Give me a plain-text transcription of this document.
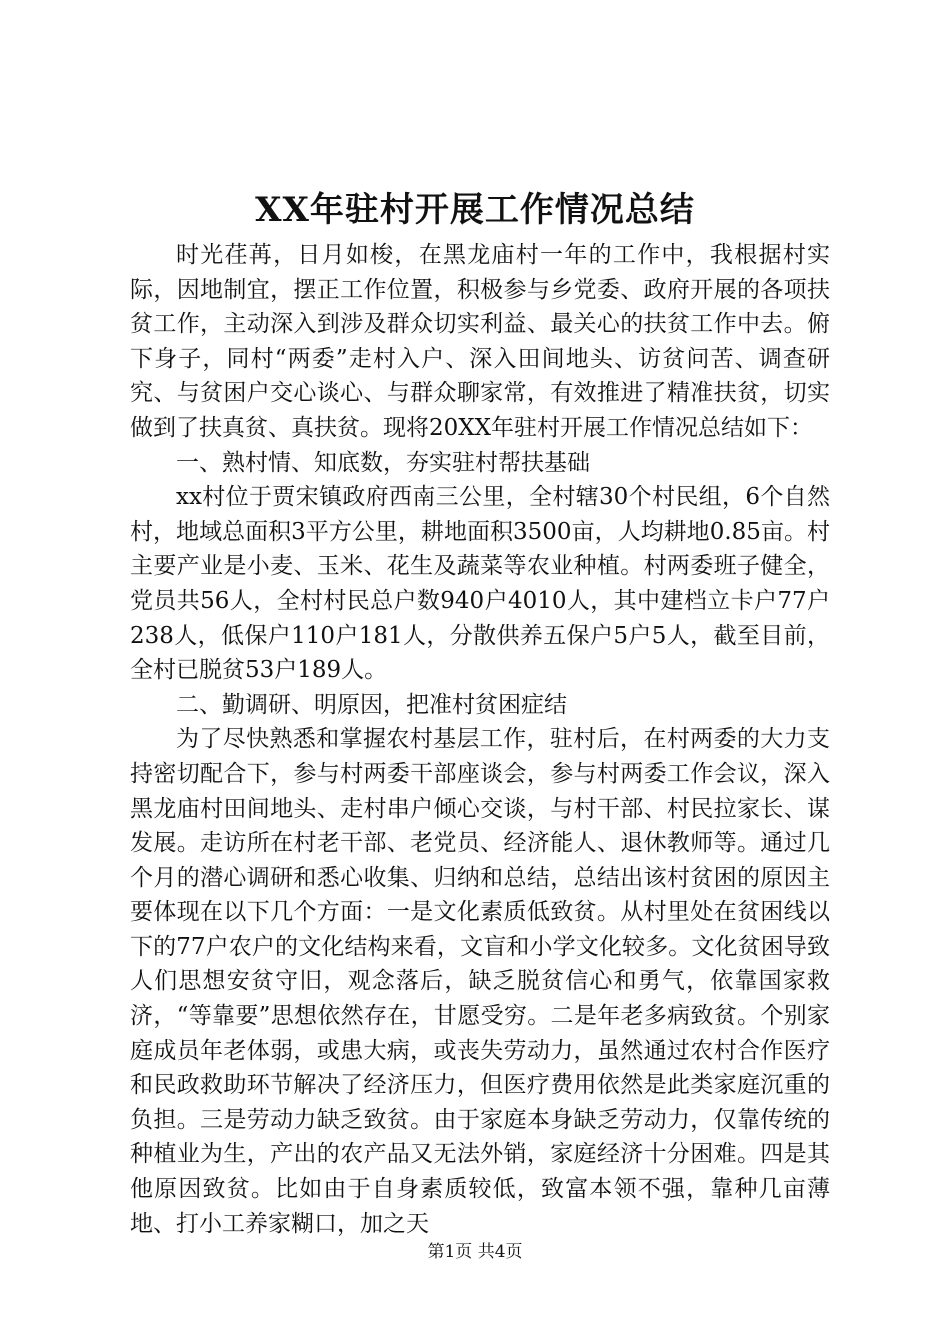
XX年驻村开展工作情况总结

时光荏苒，日月如梭，在黑龙庙村一年的工作中，我根据村实际，因地制宜，摆正工作位置，积极参与乡党委、政府开展的各项扶贫工作，主动深入到涉及群众切实利益、最关心的扶贫工作中去。俯下身子，同村“两委”走村入户、深入田间地头、访贫问苦、调查研究、与贫困户交心谈心、与群众聊家常，有效推进了精准扶贫，切实做到了扶真贫、真扶贫。现将20XX年驻村开展工作情况总结如下：

一、熟村情、知底数，夯实驻村帮扶基础

xx村位于贾宋镇政府西南三公里，全村辖30个村民组，6个自然村，地域总面积3平方公里，耕地面积3500亩，人均耕地0.85亩。村主要产业是小麦、玉米、花生及蔬菜等农业种植。村两委班子健全，党员共56人，全村村民总户数940户4010人，其中建档立卡户77户238人，低保户110户181人，分散供养五保户5户5人，截至目前，全村已脱贫53户189人。

二、勤调研、明原因，把准村贫困症结

为了尽快熟悉和掌握农村基层工作，驻村后，在村两委的大力支持密切配合下，参与村两委干部座谈会，参与村两委工作会议，深入黑龙庙村田间地头、走村串户倾心交谈，与村干部、村民拉家长、谋发展。走访所在村老干部、老党员、经济能人、退休教师等。通过几个月的潜心调研和悉心收集、归纳和总结，总结出该村贫困的原因主要体现在以下几个方面：一是文化素质低致贫。从村里处在贫困线以下的77户农户的文化结构来看，文盲和小学文化较多。文化贫困导致人们思想安贫守旧，观念落后，缺乏脱贫信心和勇气，依靠国家救济，“等靠要”思想依然存在，甘愿受穷。二是年老多病致贫。个别家庭成员年老体弱，或患大病，或丧失劳动力，虽然通过农村合作医疗和民政救助环节解决了经济压力，但医疗费用依然是此类家庭沉重的负担。三是劳动力缺乏致贫。由于家庭本身缺乏劳动力，仅靠传统的种植业为生，产出的农产品又无法外销，家庭经济十分困难。四是其他原因致贫。比如由于自身素质较低，致富本领不强，靠种几亩薄地、打小工养家糊口，加之天

第1页 共4页
